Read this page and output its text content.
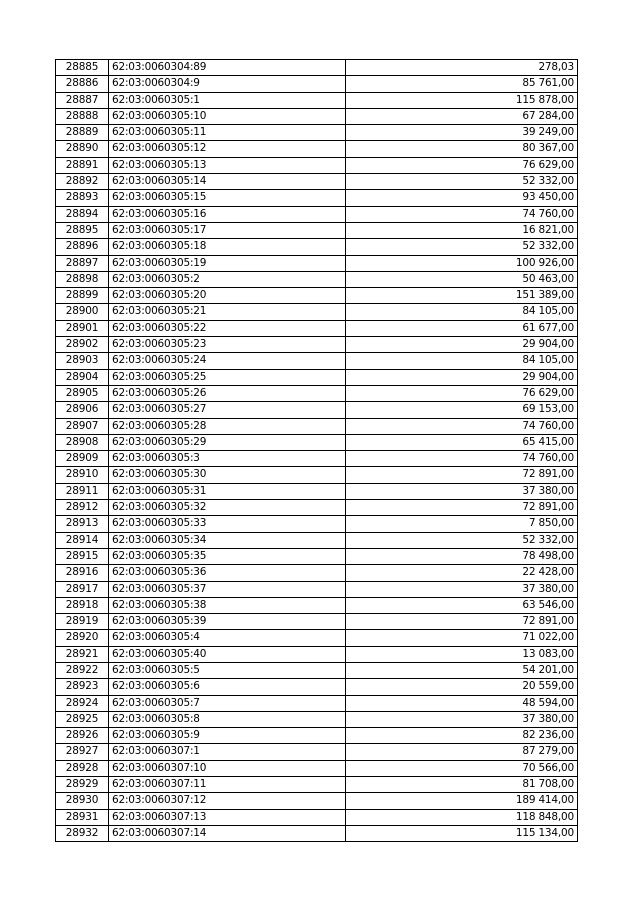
28885	62:03:0060304:89	278,03
28886	62:03:0060304:9	85 761,00
28887	62:03:0060305:1	115 878,00
28888	62:03:0060305:10	67 284,00
28889	62:03:0060305:11	39 249,00
28890	62:03:0060305:12	80 367,00
28891	62:03:0060305:13	76 629,00
28892	62:03:0060305:14	52 332,00
28893	62:03:0060305:15	93 450,00
28894	62:03:0060305:16	74 760,00
28895	62:03:0060305:17	16 821,00
28896	62:03:0060305:18	52 332,00
28897	62:03:0060305:19	100 926,00
28898	62:03:0060305:2	50 463,00
28899	62:03:0060305:20	151 389,00
28900	62:03:0060305:21	84 105,00
28901	62:03:0060305:22	61 677,00
28902	62:03:0060305:23	29 904,00
28903	62:03:0060305:24	84 105,00
28904	62:03:0060305:25	29 904,00
28905	62:03:0060305:26	76 629,00
28906	62:03:0060305:27	69 153,00
28907	62:03:0060305:28	74 760,00
28908	62:03:0060305:29	65 415,00
28909	62:03:0060305:3	74 760,00
28910	62:03:0060305:30	72 891,00
28911	62:03:0060305:31	37 380,00
28912	62:03:0060305:32	72 891,00
28913	62:03:0060305:33	7 850,00
28914	62:03:0060305:34	52 332,00
28915	62:03:0060305:35	78 498,00
28916	62:03:0060305:36	22 428,00
28917	62:03:0060305:37	37 380,00
28918	62:03:0060305:38	63 546,00
28919	62:03:0060305:39	72 891,00
28920	62:03:0060305:4	71 022,00
28921	62:03:0060305:40	13 083,00
28922	62:03:0060305:5	54 201,00
28923	62:03:0060305:6	20 559,00
28924	62:03:0060305:7	48 594,00
28925	62:03:0060305:8	37 380,00
28926	62:03:0060305:9	82 236,00
28927	62:03:0060307:1	87 279,00
28928	62:03:0060307:10	70 566,00
28929	62:03:0060307:11	81 708,00
28930	62:03:0060307:12	189 414,00
28931	62:03:0060307:13	118 848,00
28932	62:03:0060307:14	115 134,00
